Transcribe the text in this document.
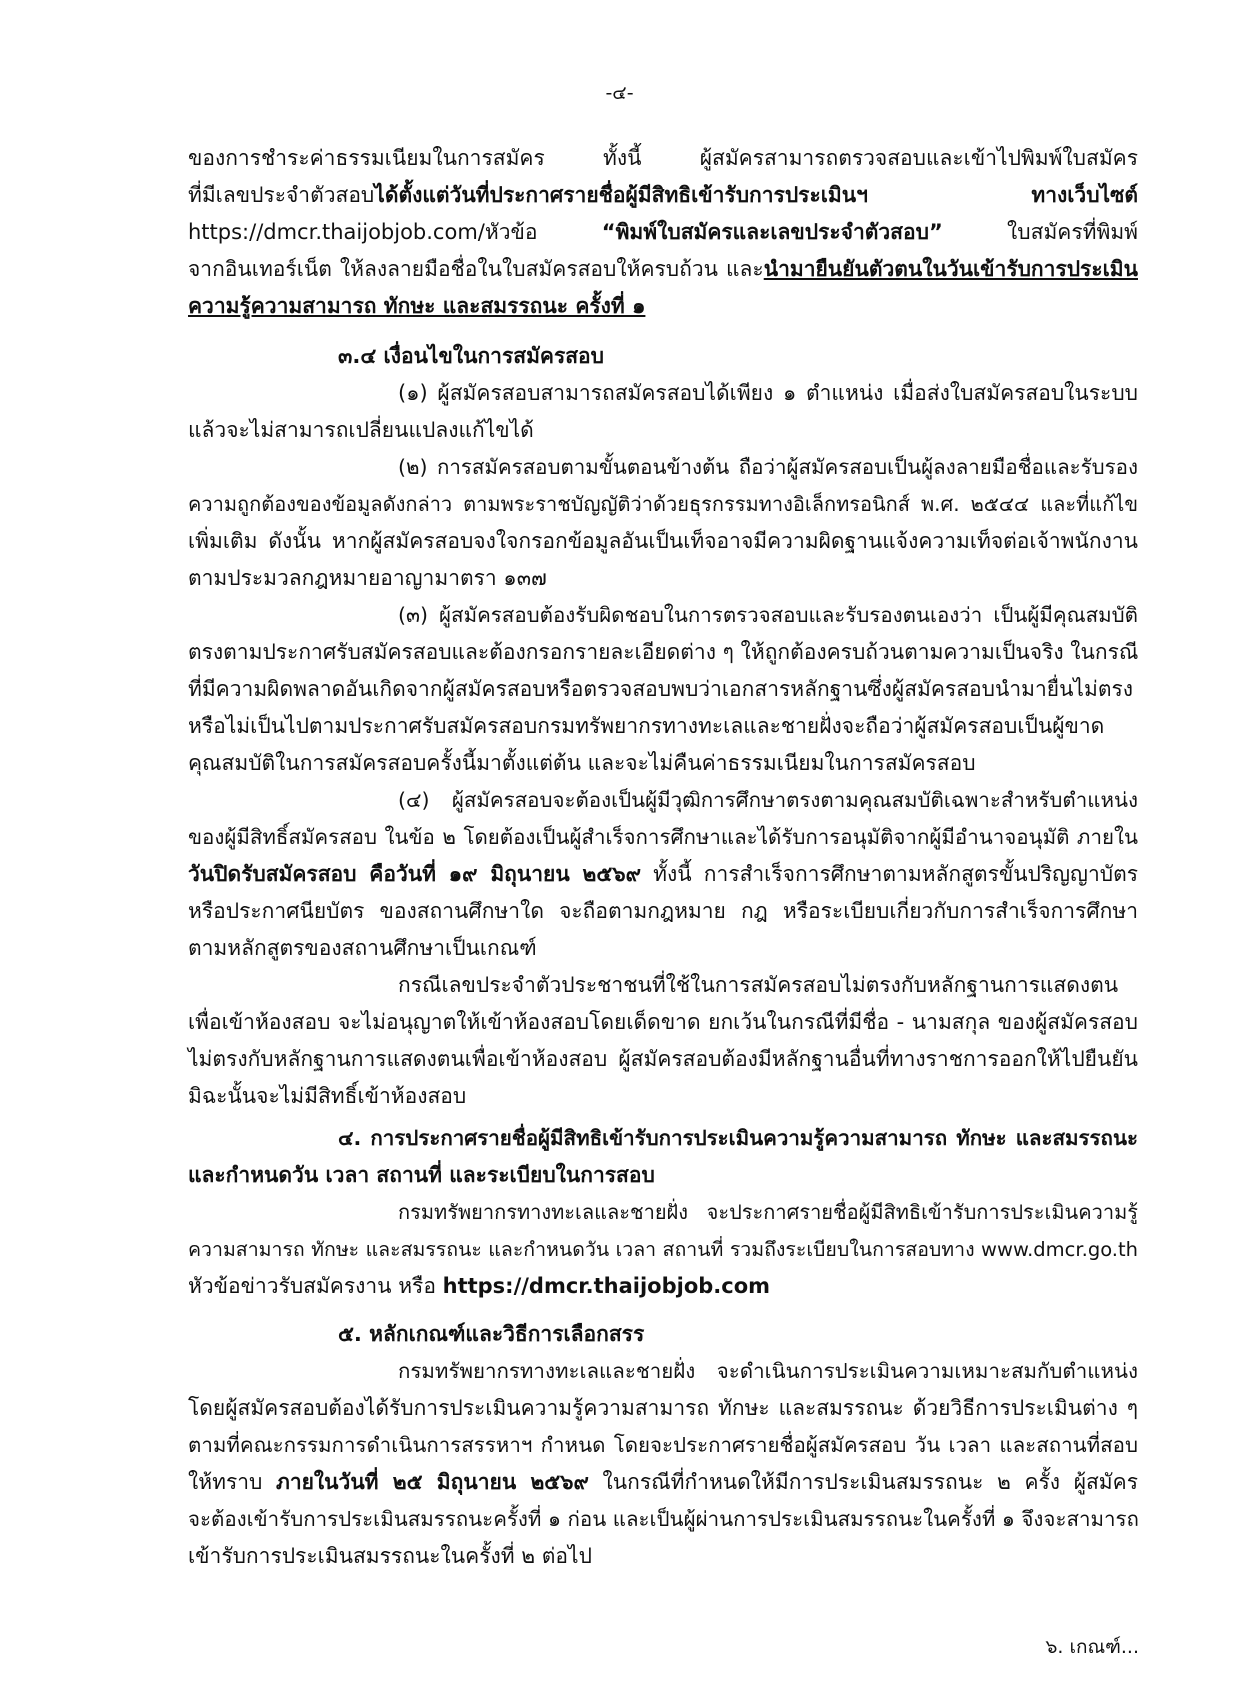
-๔-
ของการชำระค่าธรรมเนียมในการสมัคร ทั้งนี้ ผู้สมัครสามารถตรวจสอบและเข้าไปพิมพ์ใบสมัคร
ที่มีเลขประจำตัวสอบได้ตั้งแต่วันที่ประกาศรายชื่อผู้มีสิทธิเข้ารับการประเมินฯ ทางเว็บไซต์
https://dmcr.thaijobjob.com/หัวข้อ “พิมพ์ใบสมัครและเลขประจำตัวสอบ” ใบสมัครที่พิมพ์
จากอินเทอร์เน็ต ให้ลงลายมือชื่อในใบสมัครสอบให้ครบถ้วน และนำมายืนยันตัวตนในวันเข้ารับการประเมิน
ความรู้ความสามารถ ทักษะ และสมรรถนะ ครั้งที่ ๑
๓.๔ เงื่อนไขในการสมัครสอบ
(๑) ผู้สมัครสอบสามารถสมัครสอบได้เพียง ๑ ตำแหน่ง เมื่อส่งใบสมัครสอบในระบบ
แล้วจะไม่สามารถเปลี่ยนแปลงแก้ไขได้
(๒) การสมัครสอบตามขั้นตอนข้างต้น ถือว่าผู้สมัครสอบเป็นผู้ลงลายมือชื่อและรับรอง
ความถูกต้องของข้อมูลดังกล่าว ตามพระราชบัญญัติว่าด้วยธุรกรรมทางอิเล็กทรอนิกส์ พ.ศ. ๒๕๔๔ และที่แก้ไข
เพิ่มเติม ดังนั้น หากผู้สมัครสอบจงใจกรอกข้อมูลอันเป็นเท็จอาจมีความผิดฐานแจ้งความเท็จต่อเจ้าพนักงาน
ตามประมวลกฎหมายอาญามาตรา ๑๓๗
(๓) ผู้สมัครสอบต้องรับผิดชอบในการตรวจสอบและรับรองตนเองว่า เป็นผู้มีคุณสมบัติ
ตรงตามประกาศรับสมัครสอบและต้องกรอกรายละเอียดต่าง ๆ ให้ถูกต้องครบถ้วนตามความเป็นจริง ในกรณี
ที่มีความผิดพลาดอันเกิดจากผู้สมัครสอบหรือตรวจสอบพบว่าเอกสารหลักฐานซึ่งผู้สมัครสอบนำมายื่นไม่ตรง
หรือไม่เป็นไปตามประกาศรับสมัครสอบกรมทรัพยากรทางทะเลและชายฝั่งจะถือว่าผู้สมัครสอบเป็นผู้ขาด
คุณสมบัติในการสมัครสอบครั้งนี้มาตั้งแต่ต้น และจะไม่คืนค่าธรรมเนียมในการสมัครสอบ
(๔) ผู้สมัครสอบจะต้องเป็นผู้มีวุฒิการศึกษาตรงตามคุณสมบัติเฉพาะสำหรับตำแหน่ง
ของผู้มีสิทธิ์สมัครสอบ ในข้อ ๒ โดยต้องเป็นผู้สำเร็จการศึกษาและได้รับการอนุมัติจากผู้มีอำนาจอนุมัติ ภายใน
วันปิดรับสมัครสอบ คือวันที่ ๑๙ มิถุนายน ๒๕๖๙ ทั้งนี้ การสำเร็จการศึกษาตามหลักสูตรขั้นปริญญาบัตร
หรือประกาศนียบัตร ของสถานศึกษาใด จะถือตามกฎหมาย กฎ หรือระเบียบเกี่ยวกับการสำเร็จการศึกษา
ตามหลักสูตรของสถานศึกษาเป็นเกณฑ์
กรณีเลขประจำตัวประชาชนที่ใช้ในการสมัครสอบไม่ตรงกับหลักฐานการแสดงตน
เพื่อเข้าห้องสอบ จะไม่อนุญาตให้เข้าห้องสอบโดยเด็ดขาด ยกเว้นในกรณีที่มีชื่อ - นามสกุล ของผู้สมัครสอบ
ไม่ตรงกับหลักฐานการแสดงตนเพื่อเข้าห้องสอบ ผู้สมัครสอบต้องมีหลักฐานอื่นที่ทางราชการออกให้ไปยืนยัน
มิฉะนั้นจะไม่มีสิทธิ์เข้าห้องสอบ
๔. การประกาศรายชื่อผู้มีสิทธิเข้ารับการประเมินความรู้ความสามารถ ทักษะ และสมรรถนะ
และกำหนดวัน เวลา สถานที่ และระเบียบในการสอบ
กรมทรัพยากรทางทะเลและชายฝั่ง จะประกาศรายชื่อผู้มีสิทธิเข้ารับการประเมินความรู้
ความสามารถ ทักษะ และสมรรถนะ และกำหนดวัน เวลา สถานที่ รวมถึงระเบียบในการสอบทาง www.dmcr.go.th
หัวข้อข่าวรับสมัครงาน หรือ https://dmcr.thaijobjob.com
๕. หลักเกณฑ์และวิธีการเลือกสรร
กรมทรัพยากรทางทะเลและชายฝั่ง จะดำเนินการประเมินความเหมาะสมกับตำแหน่ง
โดยผู้สมัครสอบต้องได้รับการประเมินความรู้ความสามารถ ทักษะ และสมรรถนะ ด้วยวิธีการประเมินต่าง ๆ
ตามที่คณะกรรมการดำเนินการสรรหาฯ กำหนด โดยจะประกาศรายชื่อผู้สมัครสอบ วัน เวลา และสถานที่สอบ
ให้ทราบ ภายในวันที่ ๒๕ มิถุนายน ๒๕๖๙ ในกรณีที่กำหนดให้มีการประเมินสมรรถนะ ๒ ครั้ง ผู้สมัคร
จะต้องเข้ารับการประเมินสมรรถนะครั้งที่ ๑ ก่อน และเป็นผู้ผ่านการประเมินสมรรถนะในครั้งที่ ๑ จึงจะสามารถ
เข้ารับการประเมินสมรรถนะในครั้งที่ ๒ ต่อไป
๖. เกณฑ์...
